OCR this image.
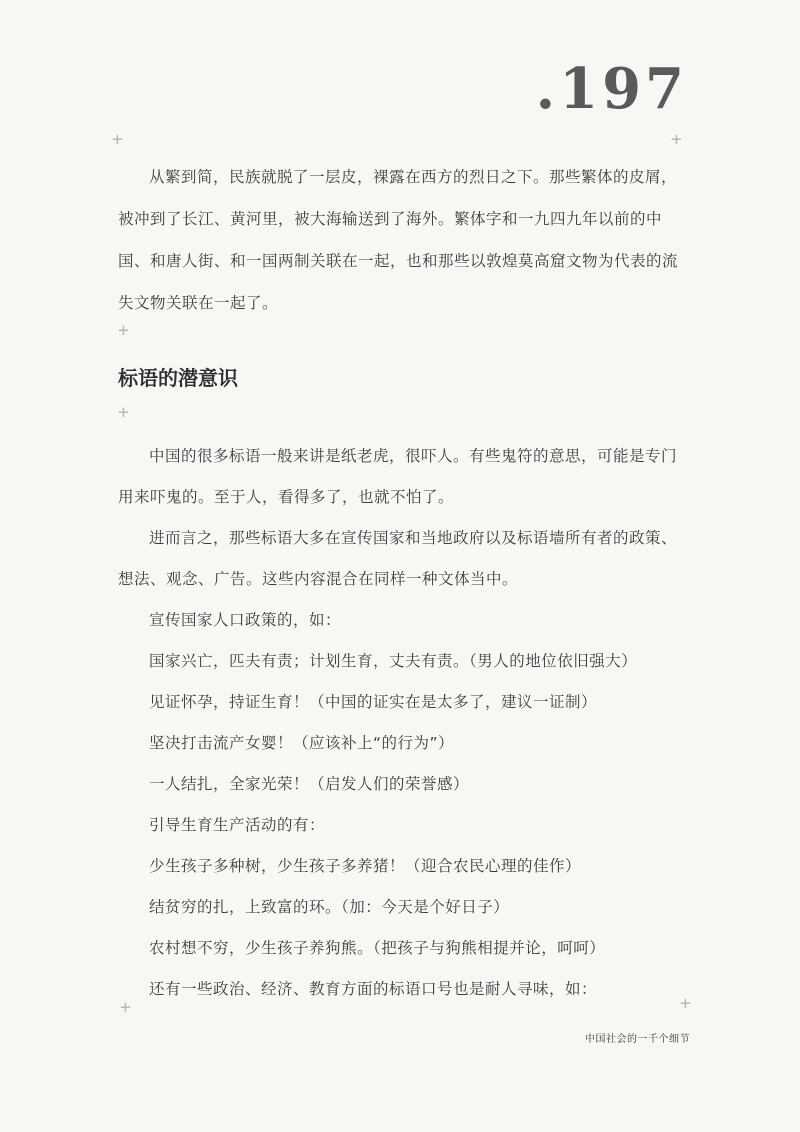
.197
+	+
+
+
+	+

从繁到简，民族就脱了一层皮，裸露在西方的烈日之下。那些繁体的皮屑，被冲到了长江、黄河里，被大海输送到了海外。繁体字和一九四九年以前的中国、和唐人街、和一国两制关联在一起，也和那些以敦煌莫高窟文物为代表的流失文物关联在一起了。

标语的潜意识

中国的很多标语一般来讲是纸老虎，很吓人。有些鬼符的意思，可能是专门用来吓鬼的。至于人，看得多了，也就不怕了。

进而言之，那些标语大多在宣传国家和当地政府以及标语墙所有者的政策、想法、观念、广告。这些内容混合在同样一种文体当中。

宣传国家人口政策的，如：

国家兴亡，匹夫有责；计划生育，丈夫有责。（男人的地位依旧强大）

见证怀孕，持证生育！（中国的证实在是太多了，建议一证制）

坚决打击流产女婴！（应该补上“的行为”）

一人结扎，全家光荣！（启发人们的荣誉感）

引导生育生产活动的有：

少生孩子多种树，少生孩子多养猪！（迎合农民心理的佳作）

结贫穷的扎，上致富的环。（加：今天是个好日子）

农村想不穷，少生孩子养狗熊。（把孩子与狗熊相提并论，呵呵）

还有一些政治、经济、教育方面的标语口号也是耐人寻味，如：

中国社会的一千个细节
